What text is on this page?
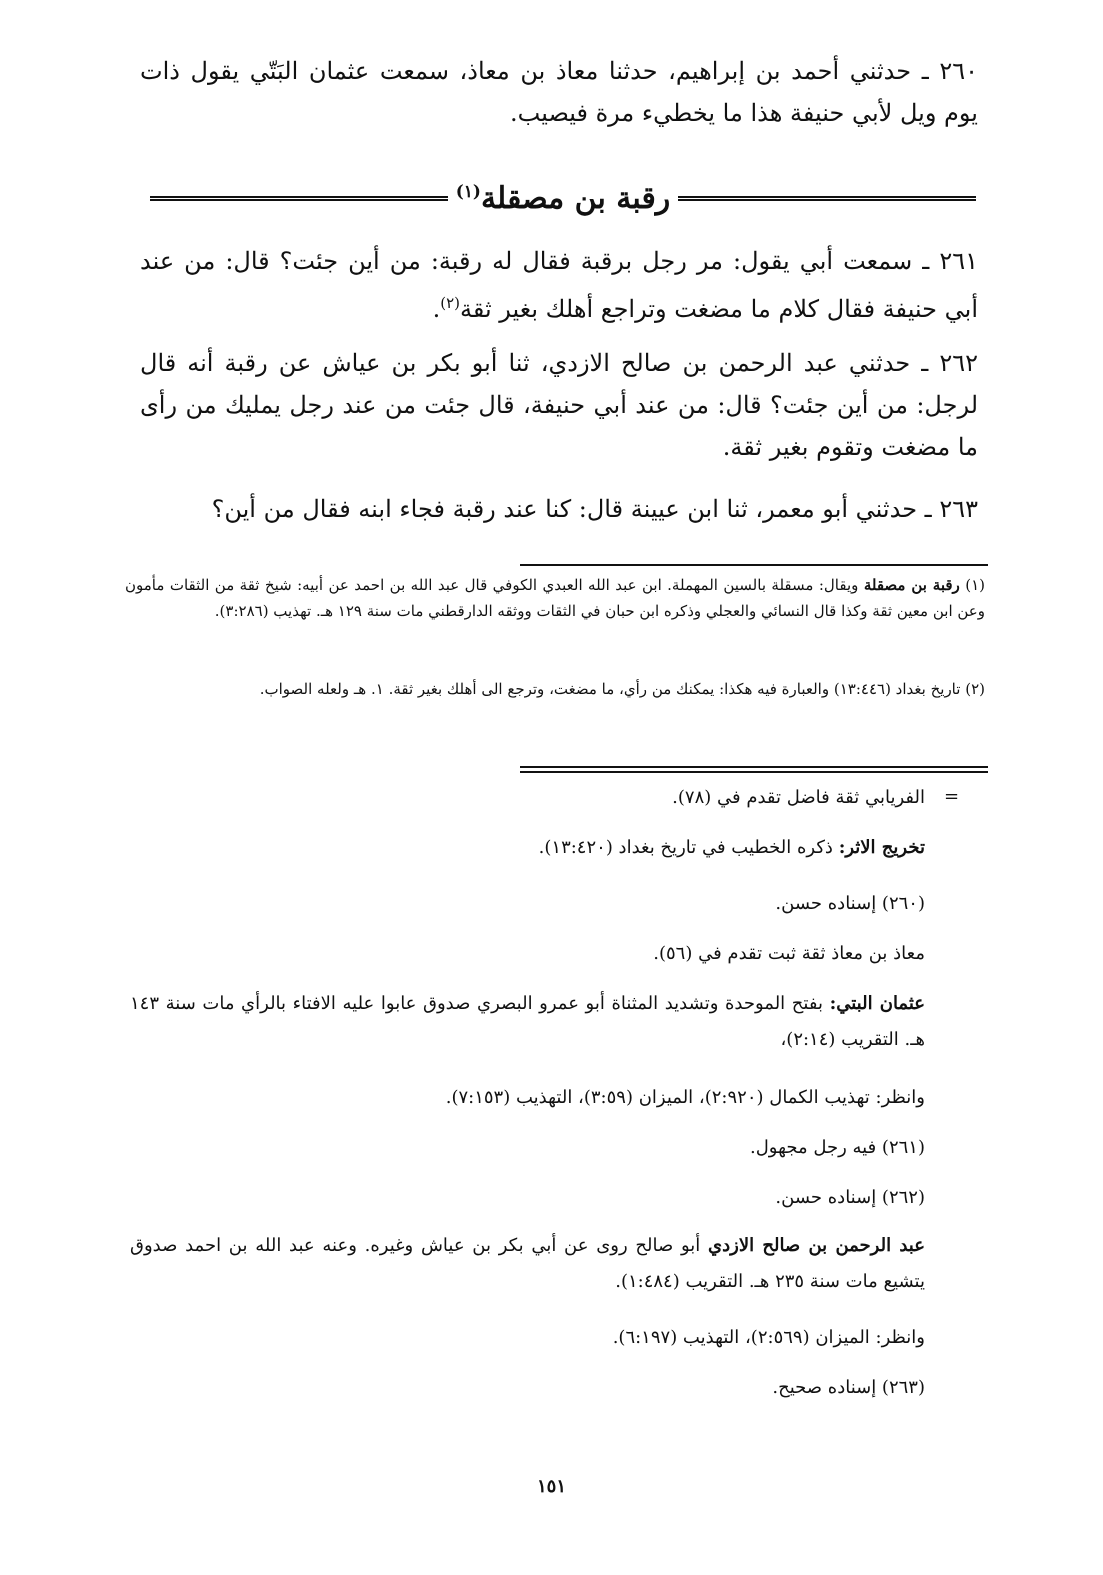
٢٦٠ ـ حدثني أحمد بن إبراهيم، حدثنا معاذ بن معاذ، سمعت عثمان البَتّي يقول ذات يوم ويل لأبي حنيفة هذا ما يخطيء مرة فيصيب.

رقبة بن مصقلة$^{(١)}$

٢٦١ ـ سمعت أبي يقول: مر رجل برقبة فقال له رقبة: من أين جئت؟ قال: من عند أبي حنيفة فقال كلام ما مضغت وتراجع أهلك بغير ثقة$^{(٢)}$.

٢٦٢ ـ حدثني عبد الرحمن بن صالح الازدي، ثنا أبو بكر بن عياش عن رقبة أنه قال لرجل: من أين جئت؟ قال: من عند أبي حنيفة، قال جئت من عند رجل يمليك من رأى ما مضغت وتقوم بغير ثقة.

٢٦٣ ـ حدثني أبو معمر، ثنا ابن عيينة قال: كنا عند رقبة فجاء ابنه فقال من أين؟

(١) رقبة بن مصقلة ويقال: مسقلة بالسين المهملة. ابن عبد الله العبدي الكوفي قال عبد الله بن احمد عن أبيه: شيخ ثقة من الثقات مأمون وعن ابن معين ثقة وكذا قال النسائي والعجلي وذكره ابن حبان في الثقات ووثقه الدارقطني مات سنة ١٢٩ هـ. تهذيب (٣:٢٨٦).

(٢) تاريخ بغداد (١٣:٤٤٦) والعبارة فيه هكذا: يمكنك من رأي، ما مضغت، وترجع الى أهلك بغير ثقة. ١. هـ ولعله الصواب.

=

الفريابي ثقة فاضل تقدم في (٧٨).

تخريج الاثر: ذكره الخطيب في تاريخ بغداد (١٣:٤٢٠).

(٢٦٠) إسناده حسن.

معاذ بن معاذ ثقة ثبت تقدم في (٥٦).

عثمان البتي: بفتح الموحدة وتشديد المثناة أبو عمرو البصري صدوق عابوا عليه الافتاء بالرأي مات سنة ١٤٣ هـ. التقريب (٢:١٤)،

وانظر: تهذيب الكمال (٢:٩٢٠)، الميزان (٣:٥٩)، التهذيب (٧:١٥٣).

(٢٦١) فيه رجل مجهول.

(٢٦٢) إسناده حسن.

عبد الرحمن بن صالح الازدي أبو صالح روى عن أبي بكر بن عياش وغيره. وعنه عبد الله بن احمد صدوق يتشيع مات سنة ٢٣٥ هـ. التقريب (١:٤٨٤).

وانظر: الميزان (٢:٥٦٩)، التهذيب (٦:١٩٧).

(٢٦٣) إسناده صحيح.

١٥١
